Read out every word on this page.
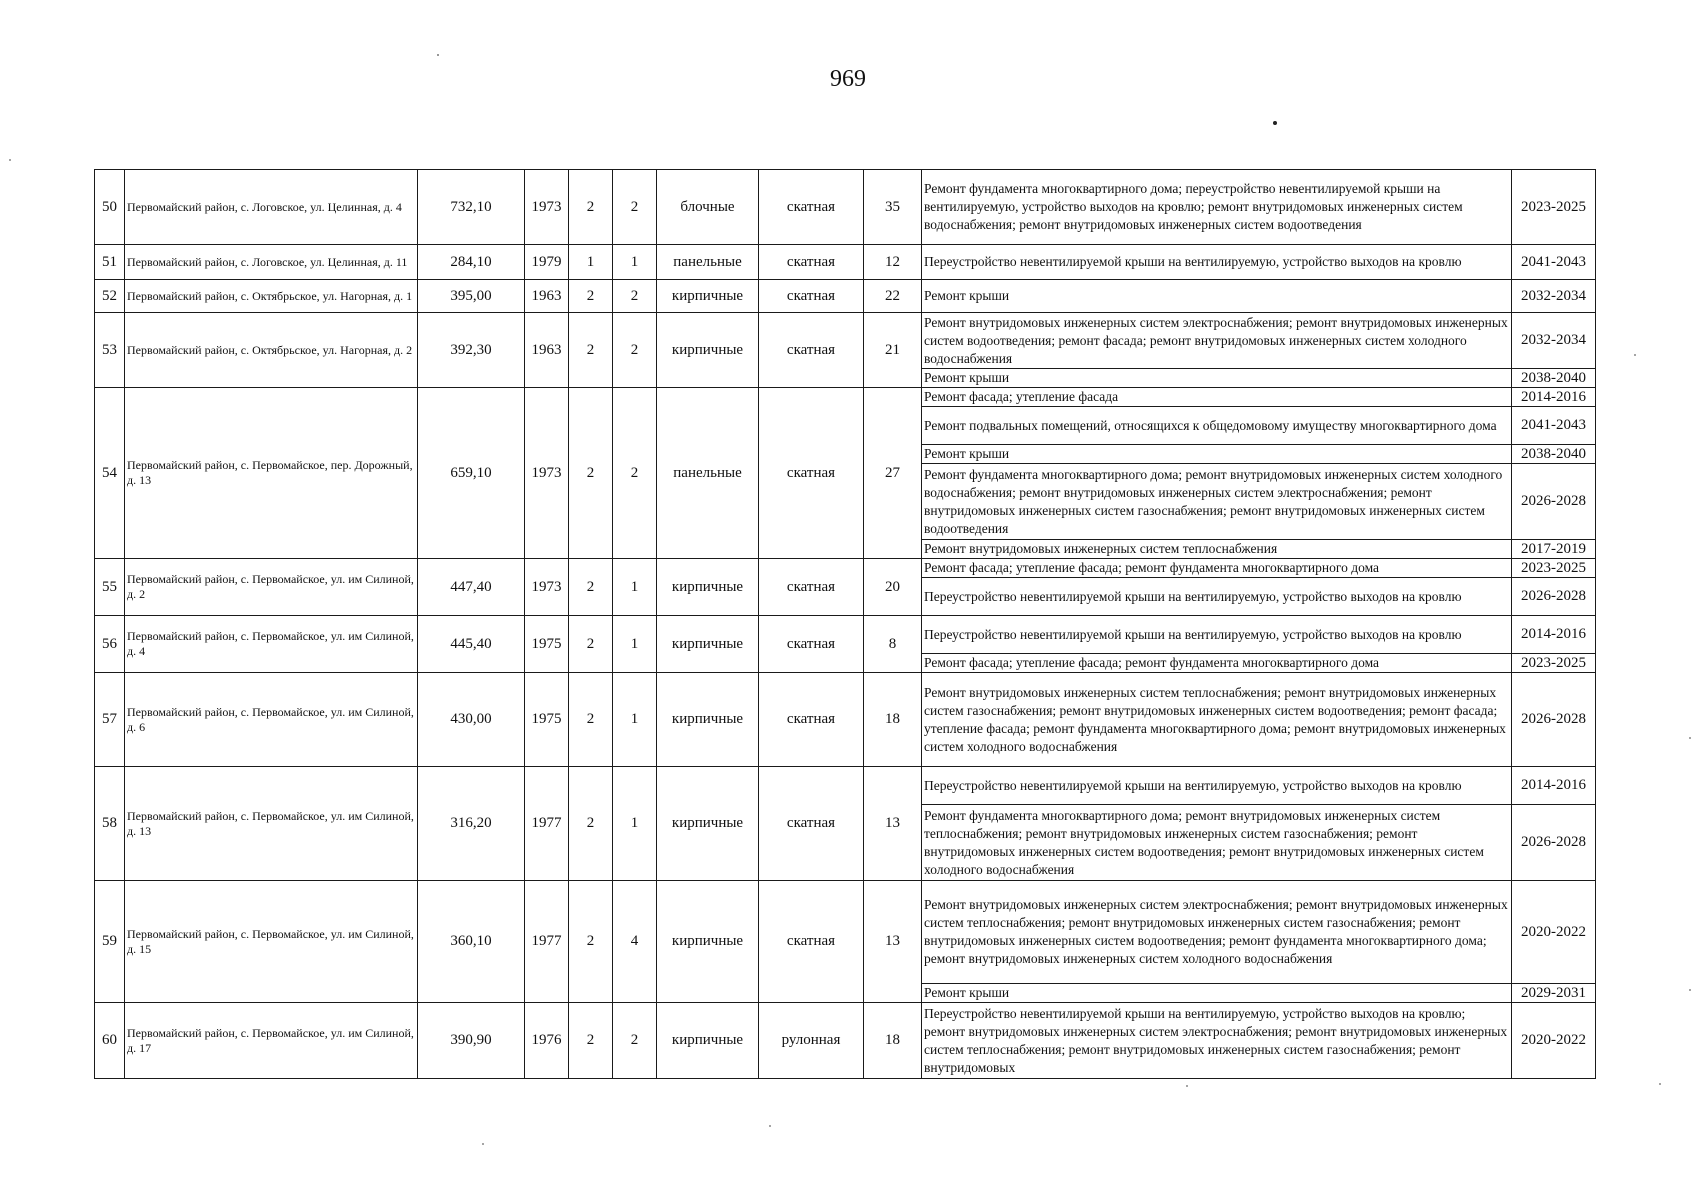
969
50	Первомайский район, с. Логовское, ул. Целинная, д. 4	732,10	1973	2	2	блочные	скатная	35	Ремонт фундамента многоквартирного дома; переустройство невентилируемой крыши на вентилируемую, устройство выходов на кровлю; ремонт внутридомовых инженерных систем водоснабжения; ремонт внутридомовых инженерных систем водоотведения	2023-2025
51	Первомайский район, с. Логовское, ул. Целинная, д. 11	284,10	1979	1	1	панельные	скатная	12	Переустройство невентилируемой крыши на вентилируемую, устройство выходов на кровлю	2041-2043
52	Первомайский район, с. Октябрьское, ул. Нагорная, д. 1	395,00	1963	2	2	кирпичные	скатная	22	Ремонт крыши	2032-2034
53	Первомайский район, с. Октябрьское, ул. Нагорная, д. 2	392,30	1963	2	2	кирпичные	скатная	21	Ремонт внутридомовых инженерных систем электроснабжения; ремонт внутридомовых инженерных систем водоотведения; ремонт фасада; ремонт внутридомовых инженерных систем холодного водоснабжения	2032-2034
									Ремонт крыши	2038-2040
54	Первомайский район, с. Первомайское, пер. Дорожный, д. 13	659,10	1973	2	2	панельные	скатная	27	Ремонт фасада; утепление фасада	2014-2016
									Ремонт подвальных помещений, относящихся к общедомовому имуществу многоквартирного дома	2041-2043
									Ремонт крыши	2038-2040
									Ремонт фундамента многоквартирного дома; ремонт внутридомовых инженерных систем холодного водоснабжения; ремонт внутридомовых инженерных систем электроснабжения; ремонт внутридомовых инженерных систем газоснабжения; ремонт внутридомовых инженерных систем водоотведения	2026-2028
									Ремонт внутридомовых инженерных систем теплоснабжения	2017-2019
55	Первомайский район, с. Первомайское, ул. им Силиной, д. 2	447,40	1973	2	1	кирпичные	скатная	20	Ремонт фасада; утепление фасада; ремонт фундамента многоквартирного дома	2023-2025
									Переустройство невентилируемой крыши на вентилируемую, устройство выходов на кровлю	2026-2028
56	Первомайский район, с. Первомайское, ул. им Силиной, д. 4	445,40	1975	2	1	кирпичные	скатная	8	Переустройство невентилируемой крыши на вентилируемую, устройство выходов на кровлю	2014-2016
									Ремонт фасада; утепление фасада; ремонт фундамента многоквартирного дома	2023-2025
57	Первомайский район, с. Первомайское, ул. им Силиной, д. 6	430,00	1975	2	1	кирпичные	скатная	18	Ремонт внутридомовых инженерных систем теплоснабжения; ремонт внутридомовых инженерных систем газоснабжения; ремонт внутридомовых инженерных систем водоотведения; ремонт фасада; утепление фасада; ремонт фундамента многоквартирного дома; ремонт внутридомовых инженерных систем холодного водоснабжения	2026-2028
58	Первомайский район, с. Первомайское, ул. им Силиной, д. 13	316,20	1977	2	1	кирпичные	скатная	13	Переустройство невентилируемой крыши на вентилируемую, устройство выходов на кровлю	2014-2016
									Ремонт фундамента многоквартирного дома; ремонт внутридомовых инженерных систем теплоснабжения; ремонт внутридомовых инженерных систем газоснабжения; ремонт внутридомовых инженерных систем водоотведения; ремонт внутридомовых инженерных систем холодного водоснабжения	2026-2028
59	Первомайский район, с. Первомайское, ул. им Силиной, д. 15	360,10	1977	2	4	кирпичные	скатная	13	Ремонт внутридомовых инженерных систем электроснабжения; ремонт внутридомовых инженерных систем теплоснабжения; ремонт внутридомовых инженерных систем газоснабжения; ремонт внутридомовых инженерных систем водоотведения; ремонт фундамента многоквартирного дома; ремонт внутридомовых инженерных систем холодного водоснабжения	2020-2022
									Ремонт крыши	2029-2031
60	Первомайский район, с. Первомайское, ул. им Силиной, д. 17	390,90	1976	2	2	кирпичные	рулонная	18	Переустройство невентилируемой крыши на вентилируемую, устройство выходов на кровлю; ремонт внутридомовых инженерных систем электроснабжения; ремонт внутридомовых инженерных систем теплоснабжения; ремонт внутридомовых инженерных систем газоснабжения; ремонт внутридомовых	2020-2022
